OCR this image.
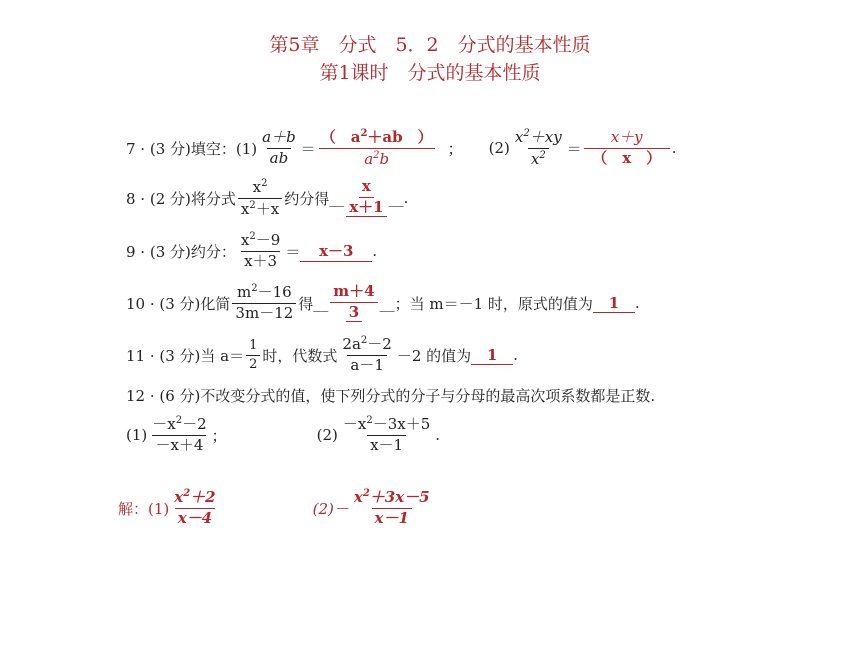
第5章　分式　5．2　分式的基本性质
第1课时　分式的基本性质
7 · (3 分)填空：$(1) \frac{a+b}{ab} = \frac{( a^2+ab )}{a^2b}$ ； $(2) \frac{x^2+xy}{x^2} = \frac{x+y}{( x )}$ .
8 · (2 分)将分式 $\frac{x^2}{x^2+x}$ 约分得 __ $\frac{x}{x+1}$ __ .
9 · (3 分)约分： $\frac{x^2-9}{x+3}$ ＝	x－3	.
10 · (3 分)化简 $\frac{m^2-16}{3m-12}$ 得 __ $\frac{m+4}{3}$ __ ；当 m＝－1 时，原式的值为	1	.
11 · (3 分)当 $a= \frac{1}{2}$ 时，代数式 $\frac{2a^2-2}{a-1} -2$ 的值为	1	.
12 · (6 分)不改变分式的值，使下列分式的分子与分母的最高次项系数都是正数.
$(1) \frac{-x^2-2}{-x+4}$ ；	$(2) \frac{-x^2-3x+5}{x-1}$ .
解：$(1) \frac{x^2+2}{x-4}$	$(2)- \frac{x^2+3x-5}{x-1}$
